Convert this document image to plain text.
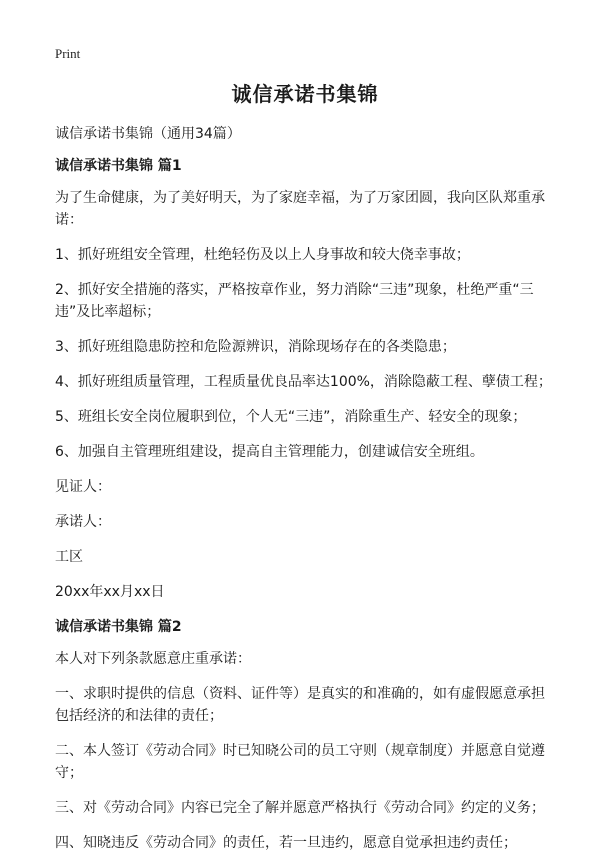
Print
诚信承诺书集锦
诚信承诺书集锦（通用34篇）
诚信承诺书集锦 篇1
为了生命健康，为了美好明天，为了家庭幸福，为了万家团圆，我向区队郑重承诺：
1、抓好班组安全管理，杜绝轻伤及以上人身事故和较大侥幸事故；
2、抓好安全措施的落实，严格按章作业，努力消除“三违”现象，杜绝严重“三违”及比率超标；
3、抓好班组隐患防控和危险源辨识，消除现场存在的各类隐患；
4、抓好班组质量管理，工程质量优良品率达100%，消除隐蔽工程、孽债工程；
5、班组长安全岗位履职到位，个人无“三违”，消除重生产、轻安全的现象；
6、加强自主管理班组建设，提高自主管理能力，创建诚信安全班组。
见证人：
承诺人：
工区
20xx年xx月xx日
诚信承诺书集锦 篇2
本人对下列条款愿意庄重承诺：
一、求职时提供的信息（资料、证件等）是真实的和准确的，如有虚假愿意承担包括经济的和法律的责任；
二、本人签订《劳动合同》时已知晓公司的员工守则（规章制度）并愿意自觉遵守；
三、对《劳动合同》内容已完全了解并愿意严格执行《劳动合同》约定的义务；
四、知晓违反《劳动合同》的责任，若一旦违约，愿意自觉承担违约责任；
